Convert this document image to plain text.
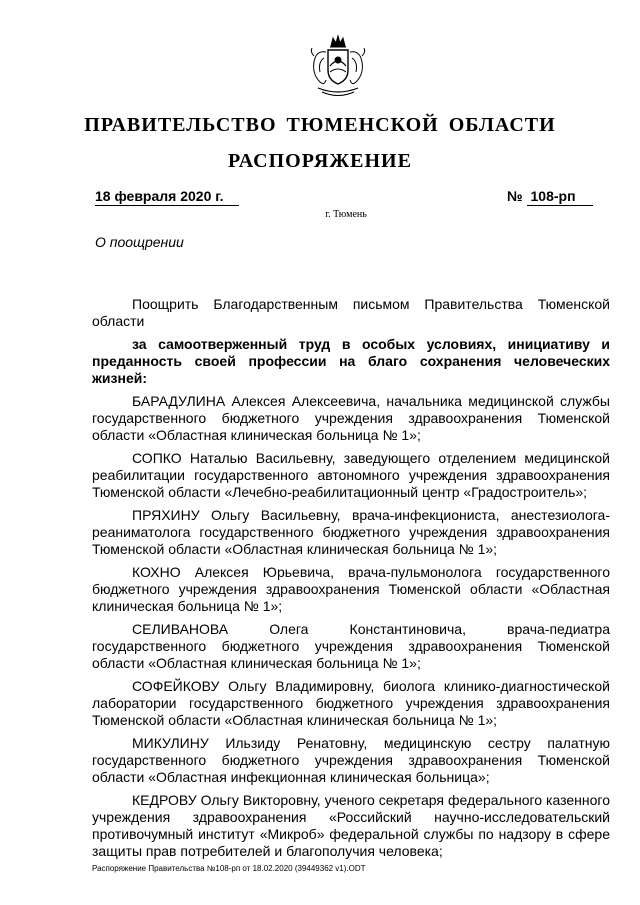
ПРАВИТЕЛЬСТВО ТЮМЕНСКОЙ ОБЛАСТИ
РАСПОРЯЖЕНИЕ
18 февраля 2020 г.	№ 108-рп
г. Тюмень
О поощрении

Поощрить Благодарственным письмом Правительства Тюменской области

за самоотверженный труд в особых условиях, инициативу и преданность своей профессии на благо сохранения человеческих жизней:

БАРАДУЛИНА Алексея Алексеевича, начальника медицинской службы государственного бюджетного учреждения здравоохранения Тюменской области «Областная клиническая больница № 1»;

СОПКО Наталью Васильевну, заведующего отделением медицинской реабилитации государственного автономного учреждения здравоохранения Тюменской области «Лечебно-реабилитационный центр «Градостроитель»;

ПРЯХИНУ Ольгу Васильевну, врача-инфекциониста, анестезиолога-реаниматолога государственного бюджетного учреждения здравоохранения Тюменской области «Областная клиническая больница № 1»;

КОХНО Алексея Юрьевича, врача-пульмонолога государственного бюджетного учреждения здравоохранения Тюменской области «Областная клиническая больница № 1»;

СЕЛИВАНОВА Олега Константиновича, врача-педиатра государственного бюджетного учреждения здравоохранения Тюменской области «Областная клиническая больница № 1»;

СОФЕЙКОВУ Ольгу Владимировну, биолога клинико-диагностической лаборатории государственного бюджетного учреждения здравоохранения Тюменской области «Областная клиническая больница № 1»;

МИКУЛИНУ Ильзиду Ренатовну, медицинскую сестру палатную государственного бюджетного учреждения здравоохранения Тюменской области «Областная инфекционная клиническая больница»;

КЕДРОВУ Ольгу Викторовну, ученого секретаря федерального казенного учреждения здравоохранения «Российский научно-исследовательский противочумный институт «Микроб» федеральной службы по надзору в сфере защиты прав потребителей и благополучия человека;

Распоряжение Правительства №108-рп от 18.02.2020 (39449362 v1).ODT
